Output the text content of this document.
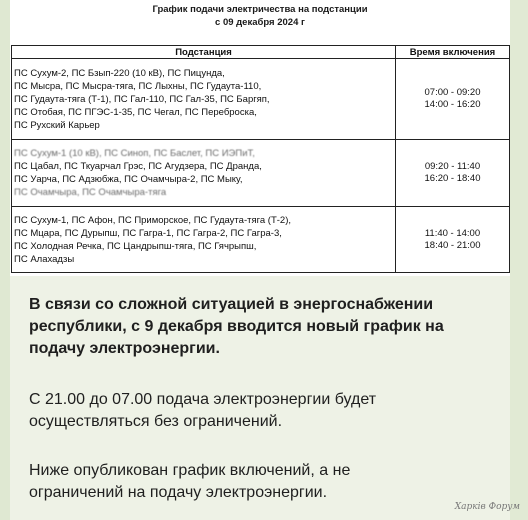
График подачи электричества на подстанции
с 09 декабря 2024 г
Подстанция	Время включения

ПС Сухум-2, ПС Бзып-220 (10 кВ), ПС Пицунда,
ПС Мысра, ПС Мысра-тяга, ПС Лыхны, ПС Гудаута-110,
ПС Гудаута-тяга (Т-1), ПС Гал-110, ПС Гал-35, ПС Баргяп,
ПС Отобая, ПС ПГЭС-1-35, ПС Чегал, ПС Переброска,
ПС Рухский Карьер	07:00 - 09:20
14:00 - 16:20

ПС Сухум-1 (10 кВ), ПС Синоп, ПС Баслет, ПС ИЭПиТ,
ПС Цабал, ПС Ткуарчал Грэс, ПС Агудзера, ПС Дранда,
ПС Уарча, ПС Адзюбжа, ПС Очамчыра-2, ПС Мыку,
ПС Очамчыра, ПС Очамчыра-тяга	09:20 - 11:40
16:20 - 18:40

ПС Сухум-1, ПС Афон, ПС Приморское, ПС Гудаута-тяга (Т-2),
ПС Мцара, ПС Дурыпш, ПС Гагра-1, ПС Гагра-2, ПС Гагра-3,
ПС Холодная Речка, ПС Цандрыпш-тяга, ПС Гячрыпш,
ПС Алахадзы	11:40 - 14:00
18:40 - 21:00
В связи со сложной ситуацией в энергоснабжении
республики, с 9 декабря вводится новый график на
подачу электроэнергии.
С 21.00 до 07.00 подача электроэнергии будет
осуществляться без ограничений.
Ниже опубликован график включений, а не
ограничений на подачу электроэнергии.
Харків Форум
